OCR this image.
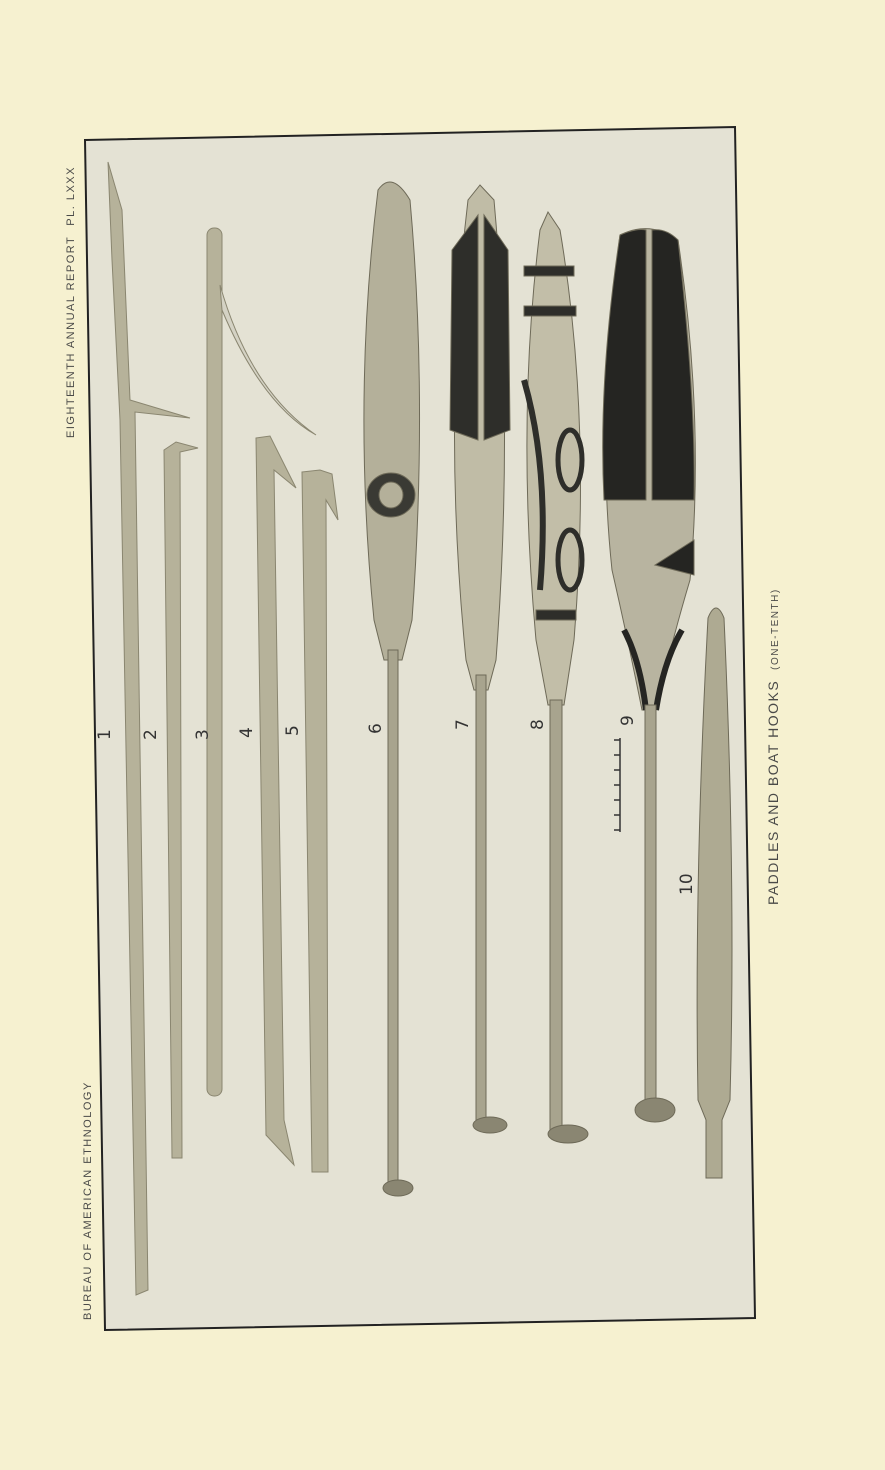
EIGHTEENTH ANNUAL REPORTPL. LXXX
BUREAU OF AMERICAN ETHNOLOGY
1 2 3 4 5	6	7	8	9
10	PADDLES AND BOAT HOOKS(ONE-TENTH)
